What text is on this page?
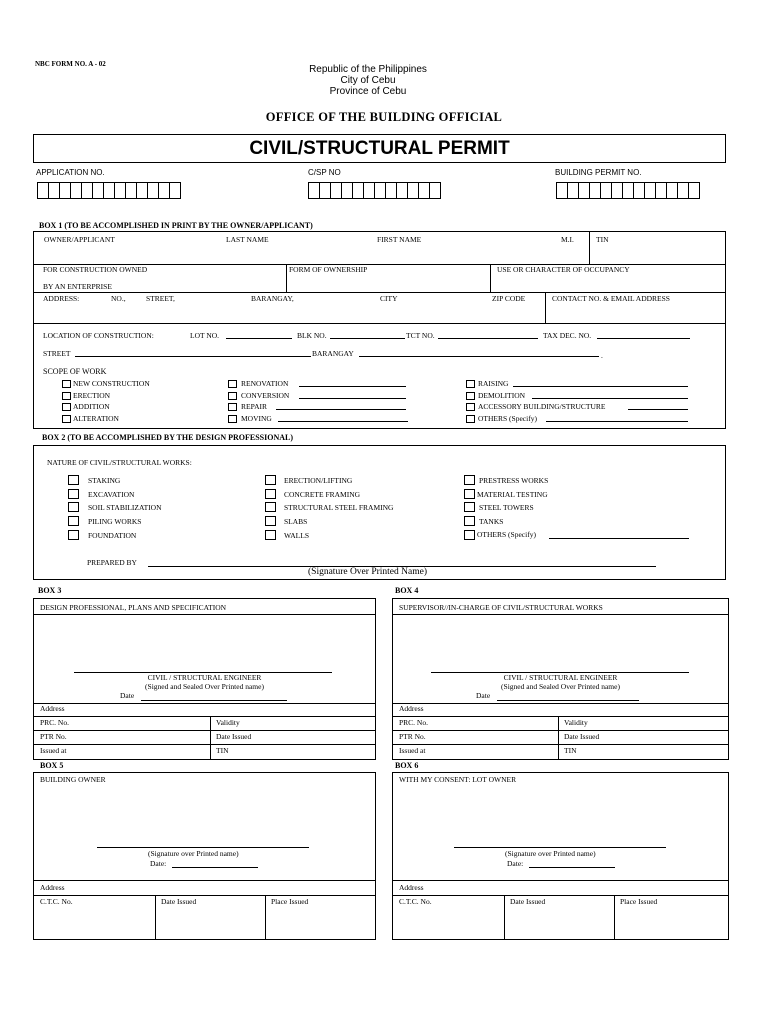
NBC FORM NO. A - 02	Republic of the Philippines
City of Cebu
Province of Cebu
OFFICE OF THE BUILDING OFFICIAL
CIVIL/STRUCTURAL PERMIT
APPLICATION NO.	C/SP NO	BUILDING PERMIT NO.
BOX 1 (TO BE ACCOMPLISHED IN PRINT BY THE OWNER/APPLICANT)
OWNER/APPLICANT	LAST NAME	FIRST NAME	M.I.	TIN
FOR CONSTRUCTION OWNED
BY AN ENTERPRISE
FORM OF OWNERSHIP	USE OR CHARACTER OF OCCUPANCY
ADDRESS:	NO.,	STREET,	BARANGAY,	CITY	ZIP CODE	CONTACT NO. & EMAIL ADDRESS
LOCATION OF CONSTRUCTION:	LOT NO.	BLK NO.	TCT NO.	TAX DEC. NO.
STREET	BARANGAY	.
SCOPE OF WORK
NEW CONSTRUCTION
ERECTION
ADDITION
ALTERATION
RENOVATION
CONVERSION
REPAIR
MOVING
RAISING
DEMOLITION
ACCESSORY BUILDING/STRUCTURE
OTHERS (Specify)
BOX 2 (TO BE ACCOMPLISHED BY THE DESIGN PROFESSIONAL)
NATURE OF CIVIL/STRUCTURAL WORKS:
STAKING
EXCAVATION
SOIL STABILIZATION
PILING WORKS
FOUNDATION
ERECTION/LIFTING
CONCRETE FRAMING
STRUCTURAL STEEL FRAMING
SLABS
WALLS
PRESTRESS WORKS
MATERIAL TESTING
STEEL TOWERS
TANKS
OTHERS (Specify)
PREPARED BY
(Signature Over Printed Name)
BOX 3
DESIGN PROFESSIONAL, PLANS AND SPECIFICATION
CIVIL / STRUCTURAL ENGINEER
(Signed and Sealed Over Printed name)
Date
Address
PRC. No.	Validity
PTR No.	Date Issued
Issued at	TIN
BOX 4
SUPERVISOR//IN-CHARGE OF CIVIL/STRUCTURAL WORKS
CIVIL / STRUCTURAL ENGINEER
(Signed and Sealed Over Printed name)
Date
Address
PRC. No.	Validity
PTR No.	Date Issued
Issued at	TIN
BOX 5
BUILDING OWNER
(Signature over Printed name)
Date:
Address
C.T.C. No.	Date Issued	Place Issued
BOX 6
WITH MY CONSENT: LOT OWNER
(Signature over Printed name)
Date:
Address
C.T.C. No.	Date Issued	Place Issued
